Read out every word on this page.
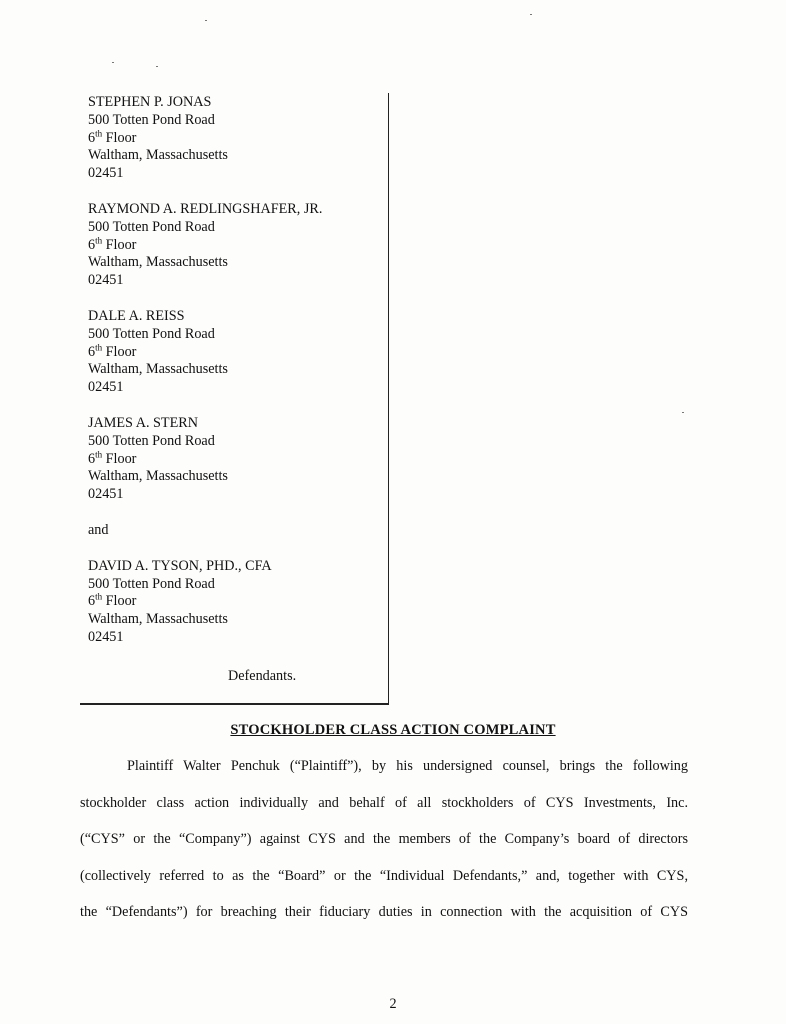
STEPHEN P. JONAS
500 Totten Pond Road
6th Floor
Waltham, Massachusetts
02451
RAYMOND A. REDLINGSHAFER, JR.
500 Totten Pond Road
6th Floor
Waltham, Massachusetts
02451
DALE A. REISS
500 Totten Pond Road
6th Floor
Waltham, Massachusetts
02451
JAMES A. STERN
500 Totten Pond Road
6th Floor
Waltham, Massachusetts
02451
and
DAVID A. TYSON, PHD., CFA
500 Totten Pond Road
6th Floor
Waltham, Massachusetts
02451
Defendants.
STOCKHOLDER CLASS ACTION COMPLAINT
Plaintiff Walter Penchuk (“Plaintiff”), by his undersigned counsel, brings the following
stockholder class action individually and behalf of all stockholders of CYS Investments, Inc.
(“CYS” or the “Company”) against CYS and the members of the Company’s board of directors
(collectively referred to as the “Board” or the “Individual Defendants,” and, together with CYS,
the “Defendants”) for breaching their fiduciary duties in connection with the acquisition of CYS
2
